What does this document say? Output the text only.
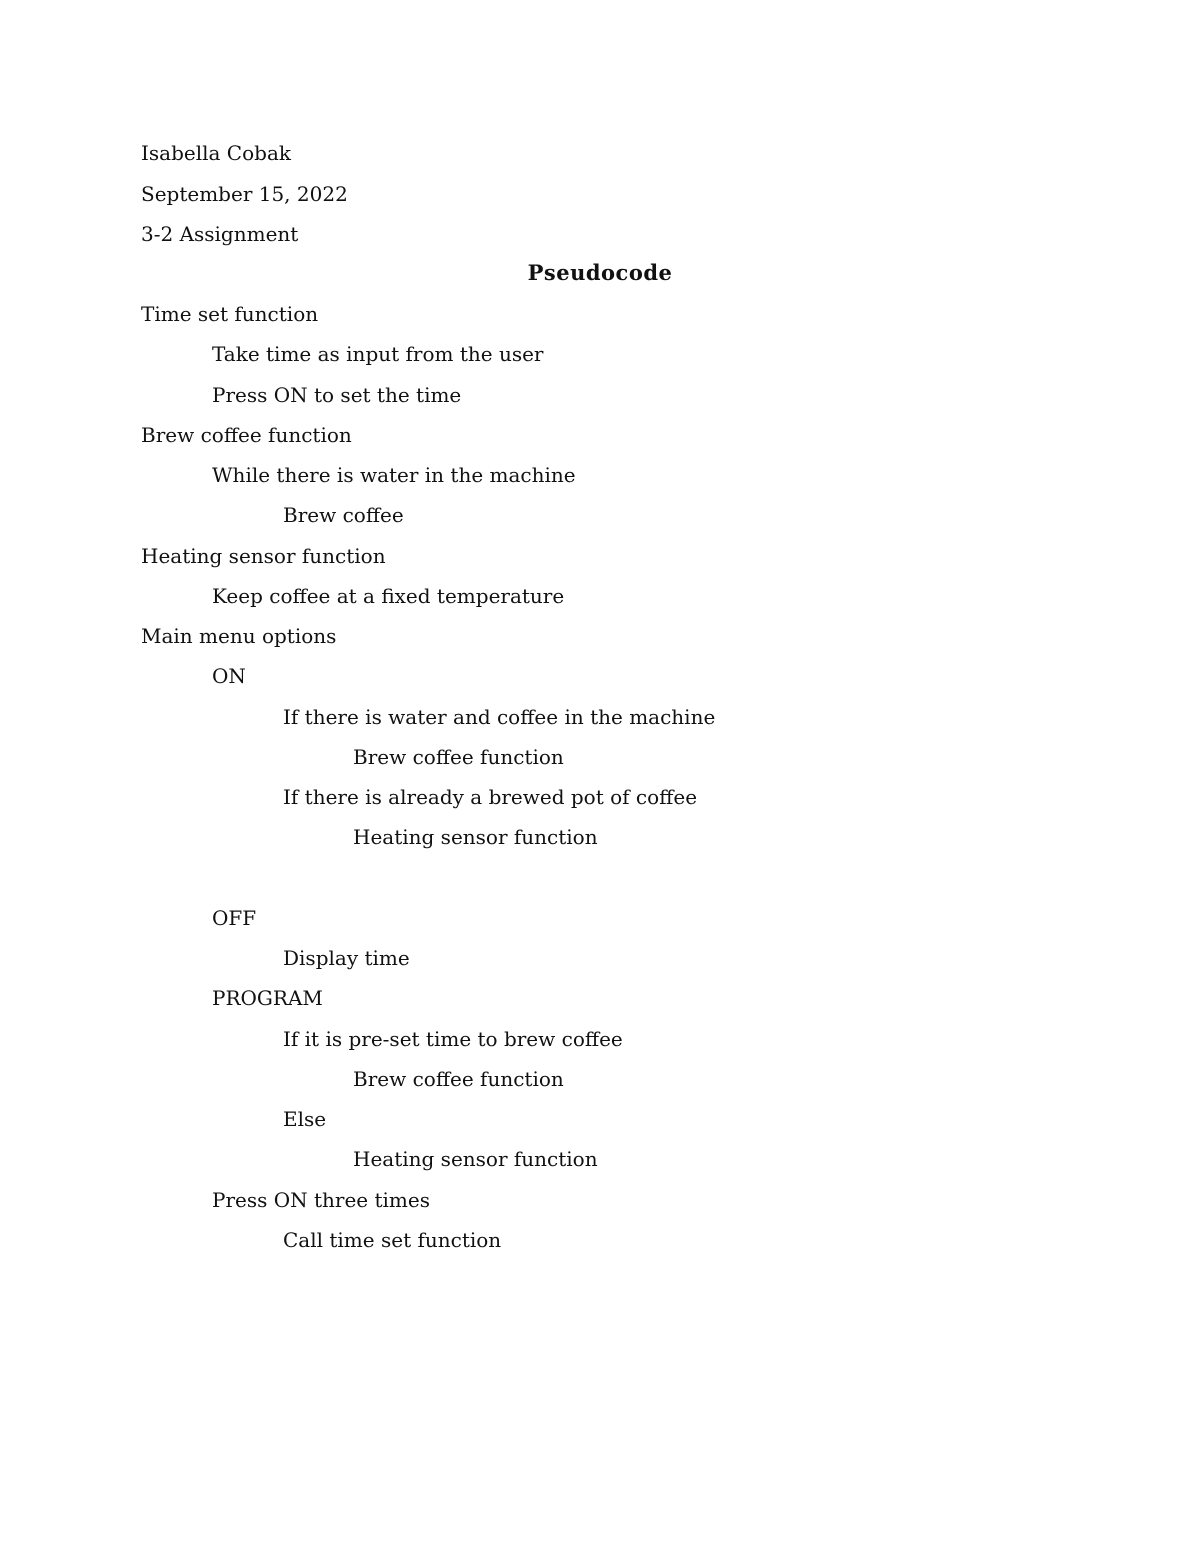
Isabella Cobak
September 15, 2022
3-2 Assignment
Pseudocode
Time set function
Take time as input from the user
Press ON to set the time
Brew coffee function
While there is water in the machine
Brew coffee
Heating sensor function
Keep coffee at a fixed temperature
Main menu options
ON
If there is water and coffee in the machine
Brew coffee function
If there is already a brewed pot of coffee
Heating sensor function
OFF
Display time
PROGRAM
If it is pre-set time to brew coffee
Brew coffee function
Else
Heating sensor function
Press ON three times
Call time set function
